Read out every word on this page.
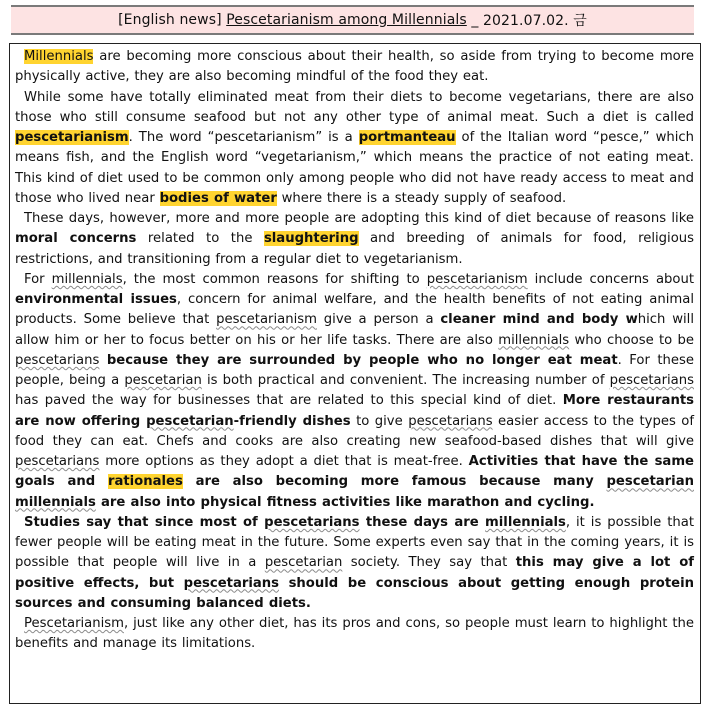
[English news]
Pescetarianism among Millennials
_
2021.07.02. 금

Millennials are becoming more conscious about their health, so aside from trying to become more physically active, they are also becoming mindful of the food they eat.

While some have totally eliminated meat from their diets to become vegetarians, there are also those who still consume seafood but not any other type of animal meat. Such a diet is called pescetarianism. The word “pescetarianism” is a portmanteau of the Italian word “pesce,” which means fish, and the English word “vegetarianism,” which means the practice of not eating meat. This kind of diet used to be common only among people who did not have ready access to meat and those who lived near bodies of water where there is a steady supply of seafood.

These days, however, more and more people are adopting this kind of diet because of reasons like moral concerns related to the slaughtering and breeding of animals for food, religious restrictions, and transitioning from a regular diet to vegetarianism.

For millennials, the most common reasons for shifting to pescetarianism include concerns about environmental issues, concern for animal welfare, and the health benefits of not eating animal products. Some believe that pescetarianism give a person a cleaner mind and body which will allow him or her to focus better on his or her life tasks. There are also millennials who choose to be pescetarians because they are surrounded by people who no longer eat meat. For these people, being a pescetarian is both practical and convenient. The increasing number of pescetarians has paved the way for businesses that are related to this special kind of diet. More restaurants are now offering pescetarian-friendly dishes to give pescetarians easier access to the types of food they can eat. Chefs and cooks are also creating new seafood-based dishes that will give pescetarians more options as they adopt a diet that is meat-free. Activities that have the same goals and rationales are also becoming more famous because many pescetarian millennials are also into physical fitness activities like marathon and cycling.

Studies say that since most of pescetarians these days are millennials, it is possible that fewer people will be eating meat in the future. Some experts even say that in the coming years, it is possible that people will live in a pescetarian society. They say that this may give a lot of positive effects, but pescetarians should be conscious about getting enough protein sources and consuming balanced diets.

Pescetarianism, just like any other diet, has its pros and cons, so people must learn to highlight the benefits and manage its limitations.
